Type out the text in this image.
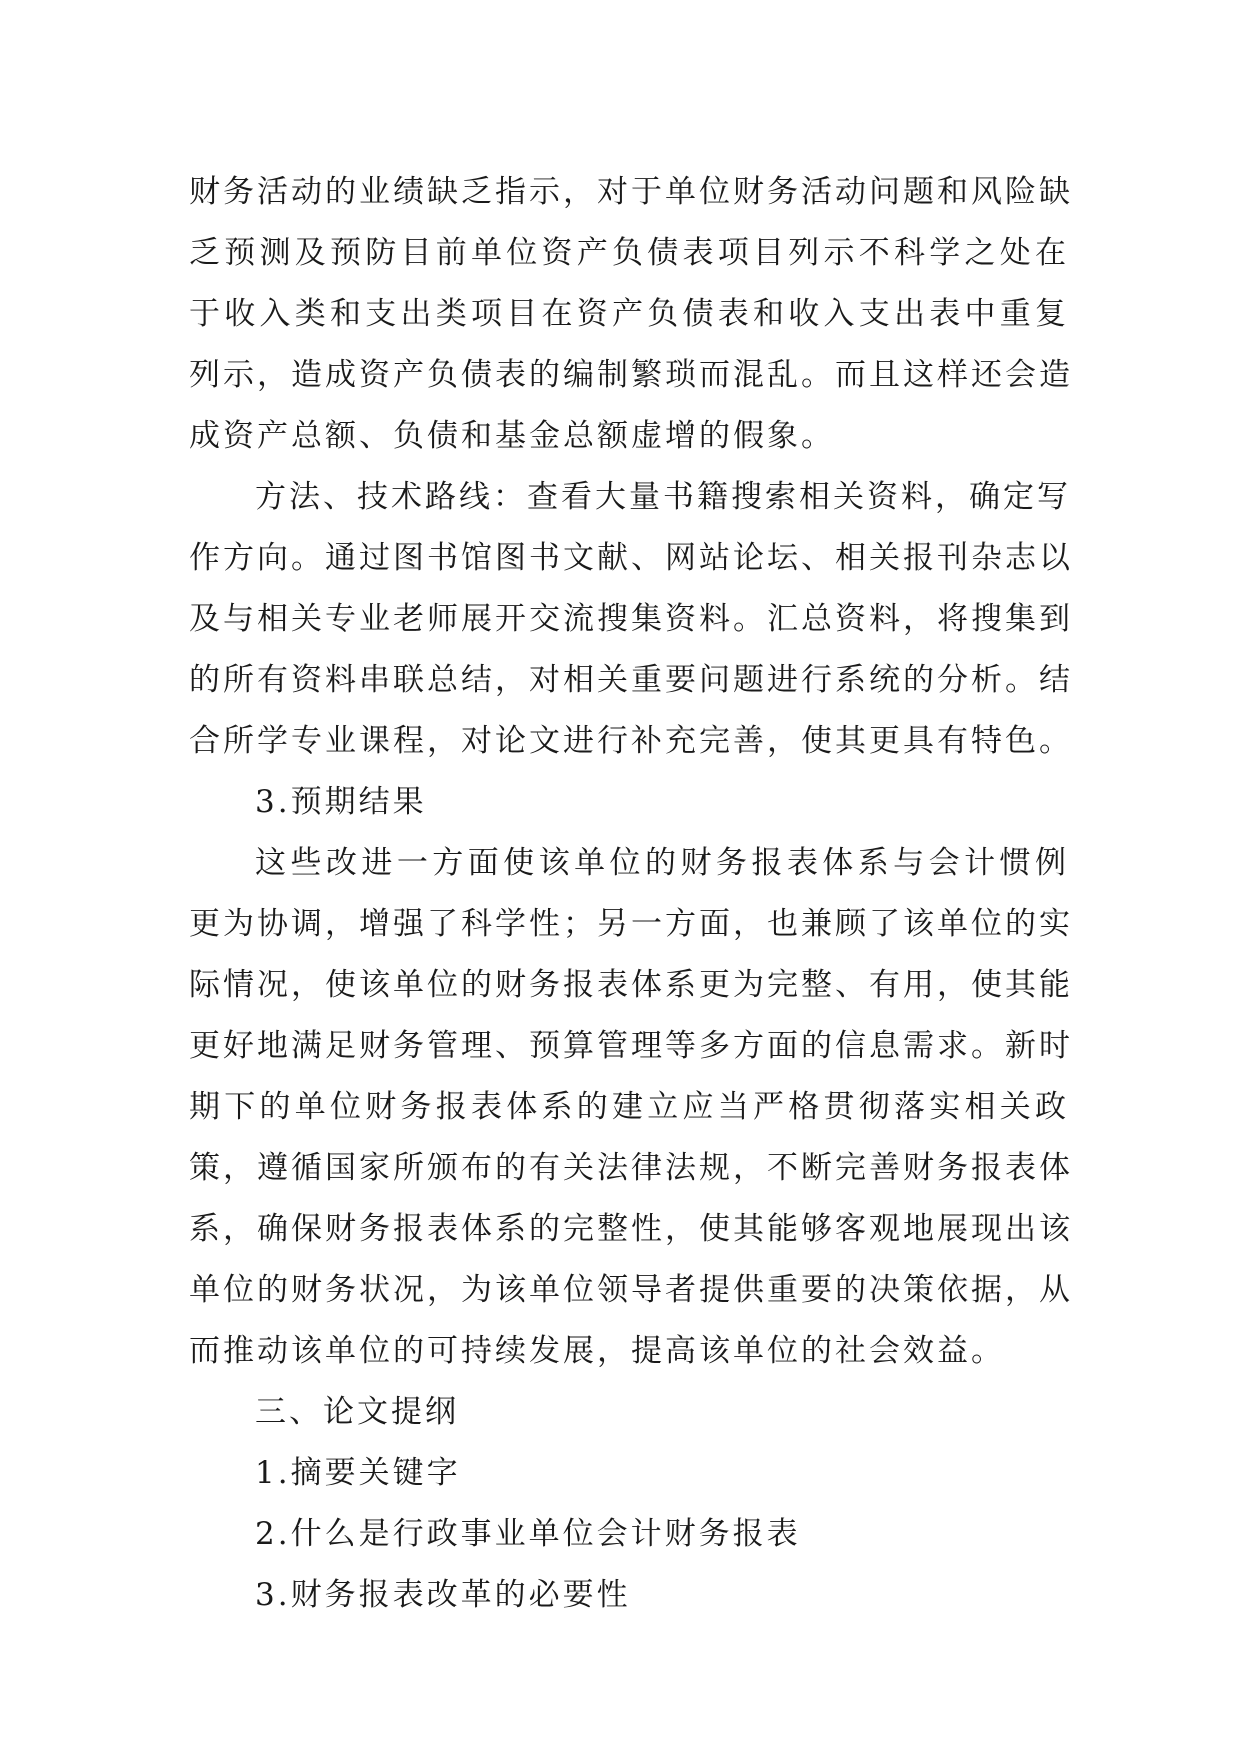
财务活动的业绩缺乏指示，对于单位财务活动问题和风险缺
乏预测及预防目前单位资产负债表项目列示不科学之处在
于收入类和支出类项目在资产负债表和收入支出表中重复
列示，造成资产负债表的编制繁琐而混乱。而且这样还会造
成资产总额、负债和基金总额虚增的假象。
方法、技术路线：查看大量书籍搜索相关资料，确定写
作方向。通过图书馆图书文献、网站论坛、相关报刊杂志以
及与相关专业老师展开交流搜集资料。汇总资料，将搜集到
的所有资料串联总结，对相关重要问题进行系统的分析。结
合所学专业课程，对论文进行补充完善，使其更具有特色。
3.预期结果
这些改进一方面使该单位的财务报表体系与会计惯例
更为协调，增强了科学性；另一方面，也兼顾了该单位的实
际情况，使该单位的财务报表体系更为完整、有用，使其能
更好地满足财务管理、预算管理等多方面的信息需求。新时
期下的单位财务报表体系的建立应当严格贯彻落实相关政
策，遵循国家所颁布的有关法律法规，不断完善财务报表体
系，确保财务报表体系的完整性，使其能够客观地展现出该
单位的财务状况，为该单位领导者提供重要的决策依据，从
而推动该单位的可持续发展，提高该单位的社会效益。
三、论文提纲
1.摘要关键字
2.什么是行政事业单位会计财务报表
3.财务报表改革的必要性
